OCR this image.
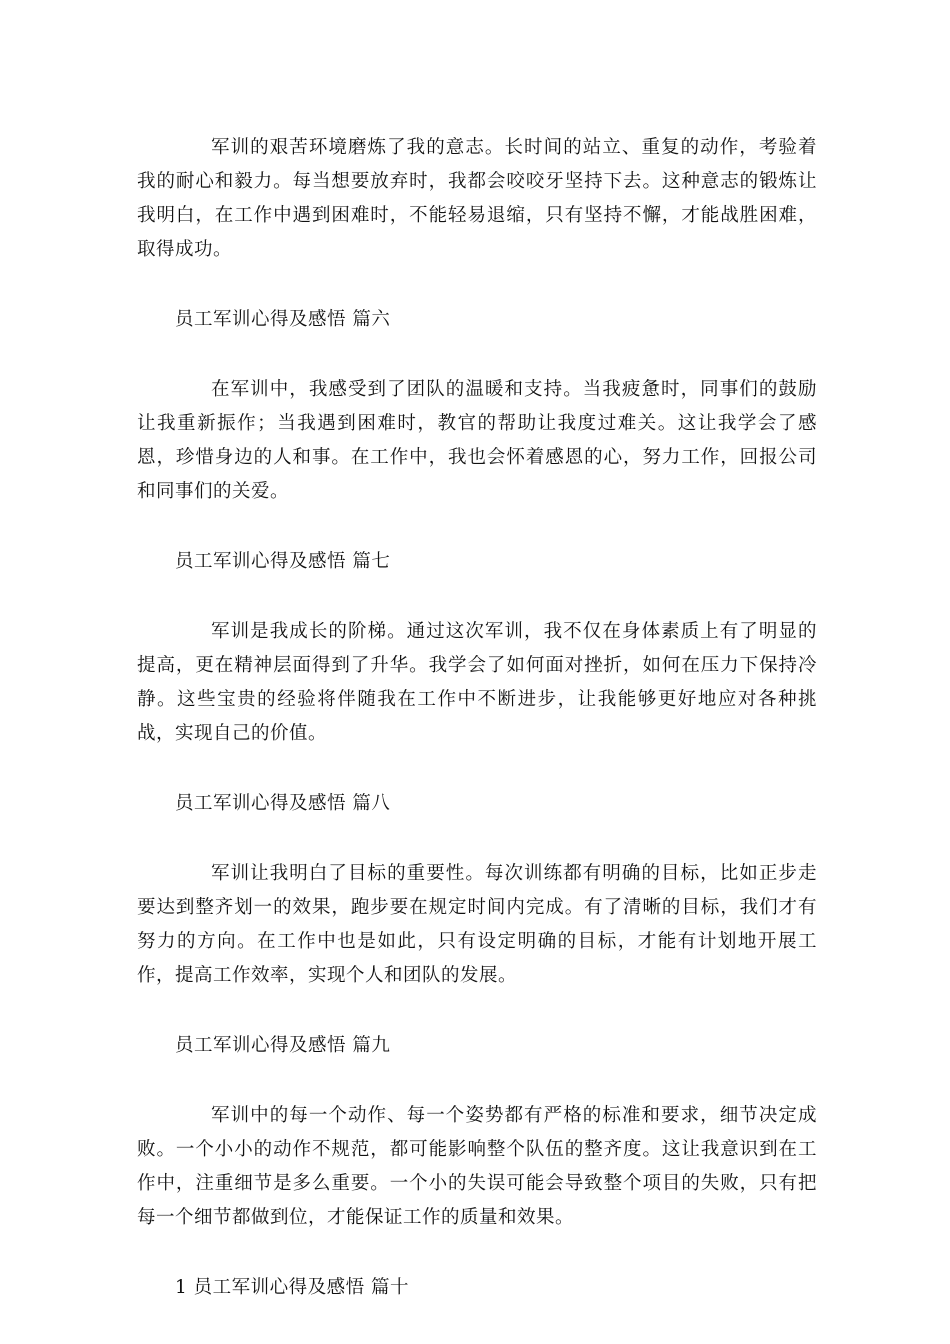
军训的艰苦环境磨炼了我的意志。长时间的站立、重复的动作，考验着我的耐心和毅力。每当想要放弃时，我都会咬咬牙坚持下去。这种意志的锻炼让我明白，在工作中遇到困难时，不能轻易退缩，只有坚持不懈，才能战胜困难，取得成功。

员工军训心得及感悟 篇六

在军训中，我感受到了团队的温暖和支持。当我疲惫时，同事们的鼓励让我重新振作；当我遇到困难时，教官的帮助让我度过难关。这让我学会了感恩，珍惜身边的人和事。在工作中，我也会怀着感恩的心，努力工作，回报公司和同事们的关爱。

员工军训心得及感悟 篇七

军训是我成长的阶梯。通过这次军训，我不仅在身体素质上有了明显的提高，更在精神层面得到了升华。我学会了如何面对挫折，如何在压力下保持冷静。这些宝贵的经验将伴随我在工作中不断进步，让我能够更好地应对各种挑战，实现自己的价值。

员工军训心得及感悟 篇八

军训让我明白了目标的重要性。每次训练都有明确的目标，比如正步走要达到整齐划一的效果，跑步要在规定时间内完成。有了清晰的目标，我们才有努力的方向。在工作中也是如此，只有设定明确的目标，才能有计划地开展工作，提高工作效率，实现个人和团队的发展。

员工军训心得及感悟 篇九

军训中的每一个动作、每一个姿势都有严格的标准和要求，细节决定成败。一个小小的动作不规范，都可能影响整个队伍的整齐度。这让我意识到在工作中，注重细节是多么重要。一个小的失误可能会导致整个项目的失败，只有把每一个细节都做到位，才能保证工作的质量和效果。

1 员工军训心得及感悟 篇十
